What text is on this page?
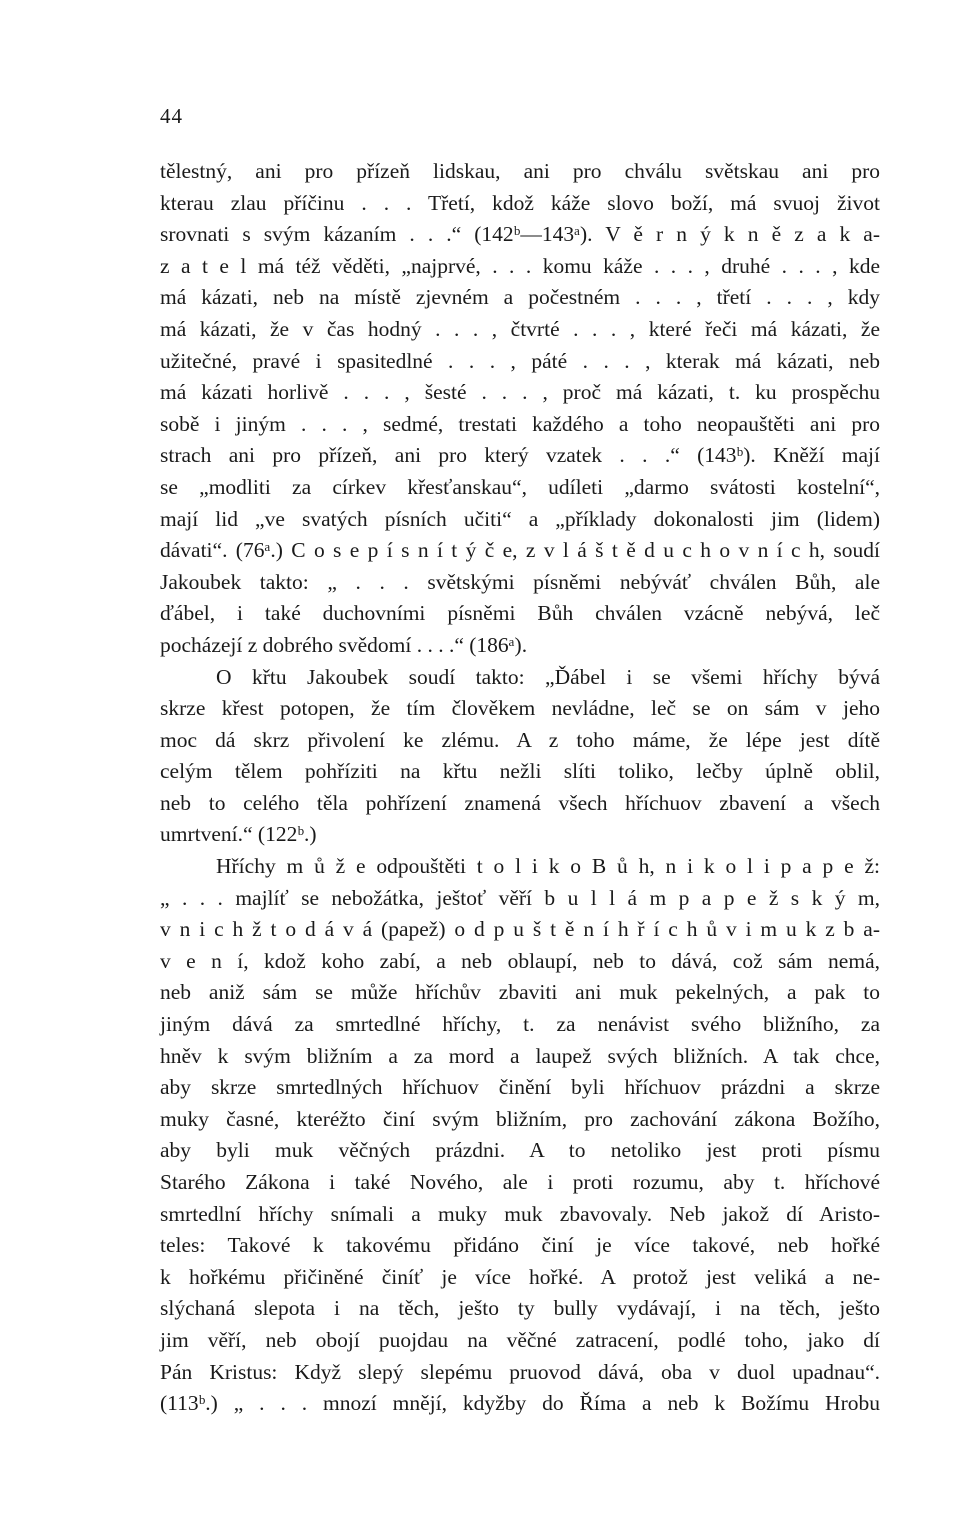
44
tělestný, ani pro přízeň lidskau, ani pro chválu světskau ani pro
kterau zlau příčinu . . . Třetí, kdož káže slovo boží, má svuoj život
srovnati s svým kázaním . . .“ (142ᵇ—143ᵃ). V ě r n ý k n ě z a k a-
z a t e l má též věděti, „najprvé, . . . komu káže . . . , druhé . . . , kde
má kázati, neb na místě zjevném a počestném . . . , třetí . . . , kdy
má kázati, že v čas hodný . . . , čtvrté . . . , které řeči má kázati, že
užitečné, pravé i spasitedlné . . . , páté . . . , kterak má kázati, neb
má kázati horlivě . . . , šesté . . . , proč má kázati, t. ku prospěchu
sobě i jiným . . . , sedmé, trestati každého a toho neopauštěti ani pro
strach ani pro přízeň, ani pro který vzatek . . .“ (143ᵇ). Kněží mají
se „modliti za církev křesťanskau“, udíleti „darmo svátosti kostelní“,
mají lid „ve svatých písních učiti“ a „příklady dokonalosti jim (lidem)
dávati“. (76ᵃ.) C o s e p í s n í t ý č e, z v l á š t ě d u c h o v n í c h, soudí
Jakoubek takto: „ . . . světskými písněmi nebýváť chválen Bůh, ale
ďábel, i také duchovními písněmi Bůh chválen vzácně nebývá, leč
pocházejí z dobrého svědomí . . . .“ (186ᵃ).
O křtu Jakoubek soudí takto: „Ďábel i se všemi hříchy bývá
skrze křest potopen, že tím člověkem nevládne, leč se on sám v jeho
moc dá skrz přivolení ke zlému. A z toho máme, že lépe jest dítě
celým tělem pohříziti na křtu nežli slíti toliko, lečby úplně oblil,
neb to celého těla pohřízení znamená všech hříchuov zbavení a všech
umrtvení.“ (122ᵇ.)
Hříchy m ů ž e odpouštěti t o l i k o B ů h, n i k o l i p a p e ž:
„ . . . majlíť se nebožátka, ještoť věří b u l l á m p a p e ž s k ý m,
v n i c h ž t o d á v á (papež) o d p u š t ě n í h ř í c h ů v i m u k z b a-
v e n í, kdož koho zabí, a neb oblaupí, neb to dává, což sám nemá,
neb aniž sám se může hříchův zbaviti ani muk pekelných, a pak to
jiným dává za smrtedlné hříchy, t. za nenávist svého bližního, za
hněv k svým bližním a za mord a laupež svých bližních. A tak chce,
aby skrze smrtedlných hříchuov činění byli hříchuov prázdni a skrze
muky časné, kteréžto činí svým bližním, pro zachování zákona Božího,
aby byli muk věčných prázdni. A to netoliko jest proti písmu
Starého Zákona i také Nového, ale i proti rozumu, aby t. hříchové
smrtedlní hříchy snímali a muky muk zbavovaly. Neb jakož dí Aristo-
teles: Takové k takovému přidáno činí je více takové, neb hořké
k hořkému přičiněné činíť je více hořké. A protož jest veliká a ne-
slýchaná slepota i na těch, ješto ty bully vydávají, i na těch, ješto
jim věří, neb obojí puojdau na věčné zatracení, podlé toho, jako dí
Pán Kristus: Když slepý slepému pruovod dává, oba v duol upadnau“.
(113ᵇ.) „ . . . mnozí mnějí, kdyžby do Říma a neb k Božímu Hrobu
